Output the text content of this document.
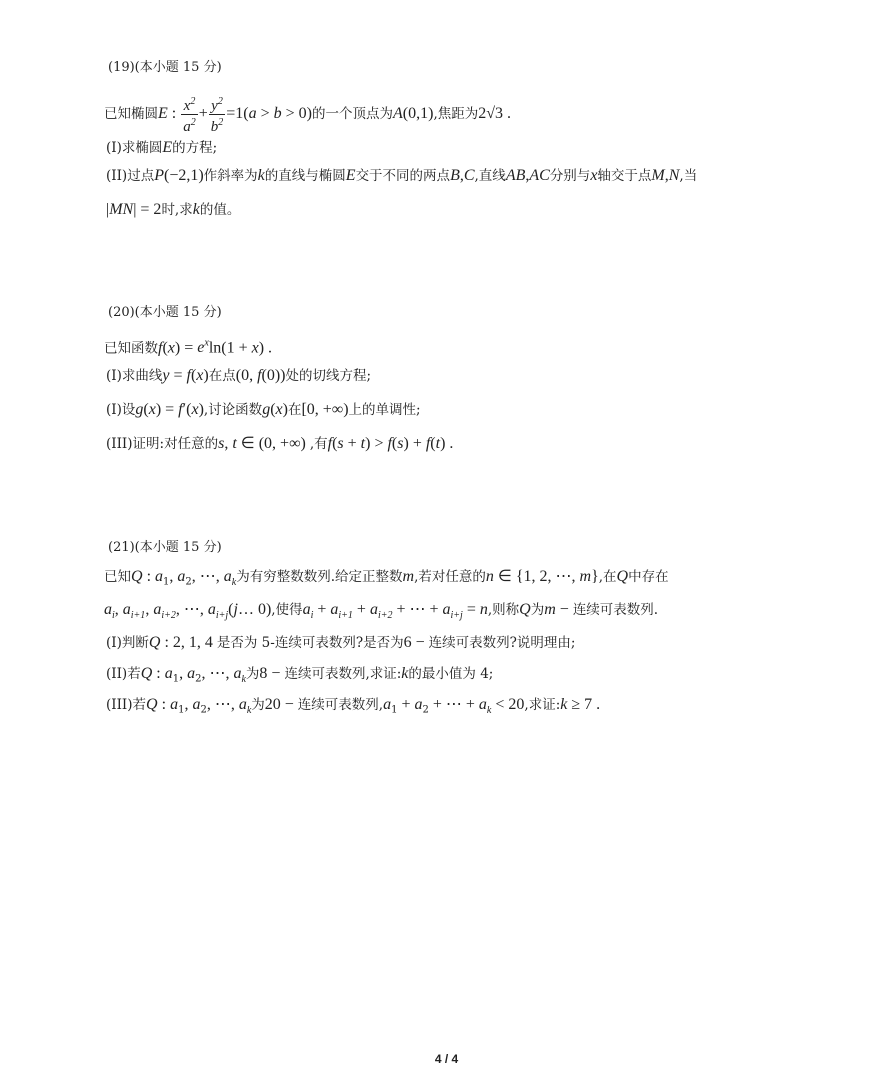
(19)(本小题 15 分)
已知椭圆E : $\frac{x^2}{a^2} + \frac{y^2}{b^2} =1(a > b > 0)$的一个顶点为A(0,1),焦距为2√3 .
(I)求椭圆E的方程;
(II)过点P(−2,1)作斜率为k的直线与椭圆E交于不同的两点B,C,直线AB,AC分别与x轴交于点M,N,当
|MN| = 2时,求k的值。
(20)(本小题 15 分)
已知函数$f(x) = e^x\ln(1 + x)$ .
(I)求曲线y = f(x)在点(0, f(0))处的切线方程;
(I)设g(x) = f′(x),讨论函数g(x)在[0, +∞)上的单调性;
(III)证明:对任意的s, t ∈ (0, +∞) ,有f(s + t) > f(s) + f(t) .
(21)(本小题 15 分)
已知Q : $a_1$, $a_2$, ⋯, $a_k$为有穷整数数列.给定正整数m,若对任意的n ∈ {1, 2, ⋯, m},在Q中存在
$a_i$, $a_{i+1}$, $a_{i+2}$, ⋯, $a_{i+j}(j\dots$ 0),使得$a_i + a_{i+1} + a_{i+2}$ + ⋯ + $a_{i+j} = n$,则称Q为m − 连续可表数列.
(I)判断Q : 2, 1, 4 是否为 5-连续可表数列?是否为6 − 连续可表数列?说明理由;
(II)若Q : $a_1$, $a_2$, ⋯, $a_k$为8 − 连续可表数列,求证:k的最小值为 4;
(III)若Q : $a_1$, $a_2$, ⋯, $a_k$为20 − 连续可表数列$,a_1 + a_2$ + ⋯ + $a_k < 20$,求证:k ≥ 7 .
4 / 4
